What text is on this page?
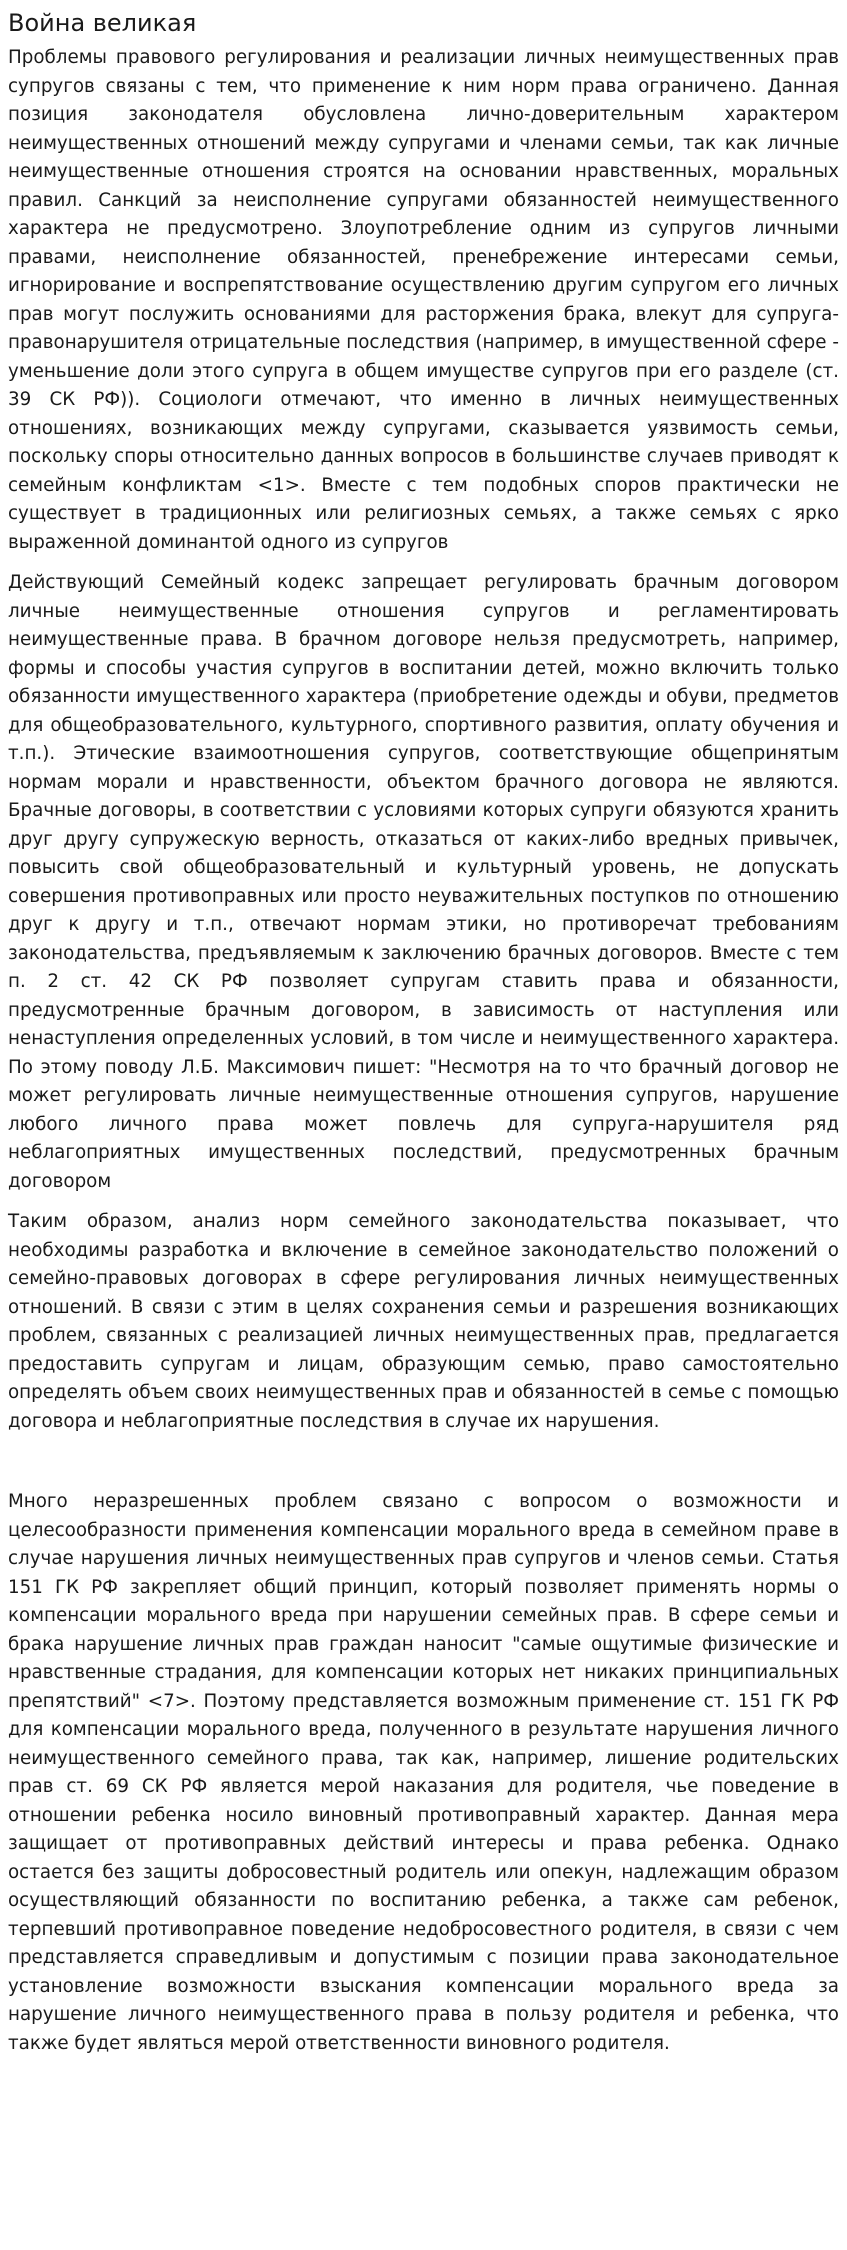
Война великая

Проблемы правового регулирования и реализации личных неимущественных прав супругов связаны с тем, что применение к ним норм права ограничено. Данная позиция законодателя обусловлена лично-доверительным характером неимущественных отношений между супругами и членами семьи, так как личные неимущественные отношения строятся на основании нравственных, моральных правил. Санкций за неисполнение супругами обязанностей неимущественного характера не предусмотрено. Злоупотребление одним из супругов личными правами, неисполнение обязанностей, пренебрежение интересами семьи, игнорирование и воспрепятствование осуществлению другим супругом его личных прав могут послужить основаниями для расторжения брака, влекут для супруга-правонарушителя отрицательные последствия (например, в имущественной сфере - уменьшение доли этого супруга в общем имуществе супругов при его разделе (ст. 39 СК РФ)). Социологи отмечают, что именно в личных неимущественных отношениях, возникающих между супругами, сказывается уязвимость семьи, поскольку споры относительно данных вопросов в большинстве случаев приводят к семейным конфликтам <1>. Вместе с тем подобных споров практически не существует в традиционных или религиозных семьях, а также семьях с ярко выраженной доминантой одного из супругов

Действующий Семейный кодекс запрещает регулировать брачным договором личные неимущественные отношения супругов и регламентировать неимущественные права. В брачном договоре нельзя предусмотреть, например, формы и способы участия супругов в воспитании детей, можно включить только обязанности имущественного характера (приобретение одежды и обуви, предметов для общеобразовательного, культурного, спортивного развития, оплату обучения и т.п.). Этические взаимоотношения супругов, соответствующие общепринятым нормам морали и нравственности, объектом брачного договора не являются. Брачные договоры, в соответствии с условиями которых супруги обязуются хранить друг другу супружескую верность, отказаться от каких-либо вредных привычек, повысить свой общеобразовательный и культурный уровень, не допускать совершения противоправных или просто неуважительных поступков по отношению друг к другу и т.п., отвечают нормам этики, но противоречат требованиям законодательства, предъявляемым к заключению брачных договоров. Вместе с тем п. 2 ст. 42 СК РФ позволяет супругам ставить права и обязанности, предусмотренные брачным договором, в зависимость от наступления или ненаступления определенных условий, в том числе и неимущественного характера. По этому поводу Л.Б. Максимович пишет: "Несмотря на то что брачный договор не может регулировать личные неимущественные отношения супругов, нарушение любого личного права может повлечь для супруга-нарушителя ряд неблагоприятных имущественных последствий, предусмотренных брачным договором

Таким образом, анализ норм семейного законодательства показывает, что необходимы разработка и включение в семейное законодательство положений о семейно-правовых договорах в сфере регулирования личных неимущественных отношений. В связи с этим в целях сохранения семьи и разрешения возникающих проблем, связанных с реализацией личных неимущественных прав, предлагается предоставить супругам и лицам, образующим семью, право самостоятельно определять объем своих неимущественных прав и обязанностей в семье с помощью договора и неблагоприятные последствия в случае их нарушения.

Много неразрешенных проблем связано с вопросом о возможности и целесообразности применения компенсации морального вреда в семейном праве в случае нарушения личных неимущественных прав супругов и членов семьи. Статья 151 ГК РФ закрепляет общий принцип, который позволяет применять нормы о компенсации морального вреда при нарушении семейных прав. В сфере семьи и брака нарушение личных прав граждан наносит "самые ощутимые физические и нравственные страдания, для компенсации которых нет никаких принципиальных препятствий" <7>. Поэтому представляется возможным применение ст. 151 ГК РФ для компенсации морального вреда, полученного в результате нарушения личного неимущественного семейного права, так как, например, лишение родительских прав ст. 69 СК РФ является мерой наказания для родителя, чье поведение в отношении ребенка носило виновный противоправный характер. Данная мера защищает от противоправных действий интересы и права ребенка. Однако остается без защиты добросовестный родитель или опекун, надлежащим образом осуществляющий обязанности по воспитанию ребенка, а также сам ребенок, терпевший противоправное поведение недобросовестного родителя, в связи с чем представляется справедливым и допустимым с позиции права законодательное установление возможности взыскания компенсации морального вреда за нарушение личного неимущественного права в пользу родителя и ребенка, что также будет являться мерой ответственности виновного родителя.
